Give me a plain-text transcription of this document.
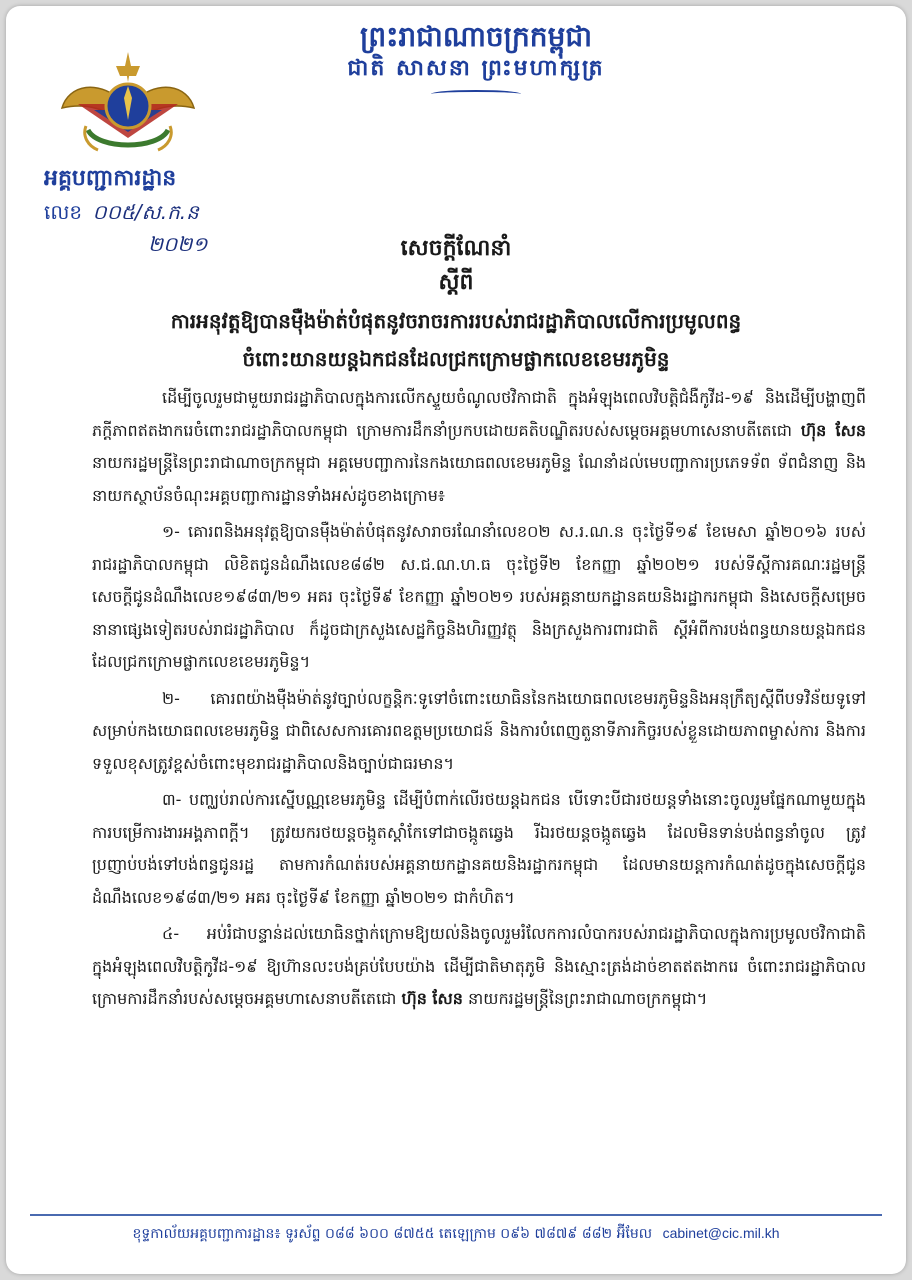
ព្រះរាជាណាចក្រកម្ពុជា
ជាតិ សាសនា ព្រះមហាក្សត្រ
អគ្គបញ្ជាការដ្ឋាន
លេខ ០០៥/ស.ក.ន
២០២១	សេចក្តីណែនាំ
ស្តីពី
ការអនុវត្តឱ្យបានម៉ឺងម៉ាត់បំផុតនូវចរាចរការរបស់រាជរដ្ឋាភិបាលលើការប្រមូលពន្ធ
ចំពោះយានយន្តឯកជនដែលជ្រកក្រោមផ្លាកលេខខេមរភូមិន្ទ

ដើម្បីចូលរួមជាមួយរាជរដ្ឋាភិបាលក្នុងការលើកស្ទួយចំណូលថវិកាជាតិ ក្នុងអំឡុងពេលវិបត្តិជំងឺកូវីដ-១៩ និងដើម្បីបង្ហាញពីភក្តីភាពឥតងាករេចំពោះរាជរដ្ឋាភិបាលកម្ពុជា ក្រោមការដឹកនាំប្រកបដោយគតិបណ្ឌិតរបស់សម្តេចអគ្គមហាសេនាបតីតេជោ ហ៊ុន សែន នាយករដ្ឋមន្ត្រីនៃព្រះរាជាណាចក្រកម្ពុជា អគ្គមេបញ្ជាការនៃកងយោធពលខេមរភូមិន្ទ ណែនាំដល់មេបញ្ជាការប្រភេទទ័ព ទ័ពជំនាញ និងនាយកស្ថាប័នចំណុះអគ្គបញ្ជាការដ្ឋានទាំងអស់ដូចខាងក្រោម៖

១- គោរពនិងអនុវត្តឱ្យបានម៉ឺងម៉ាត់បំផុតនូវសារាចរណែនាំលេខ០២ ស.រ.ណ.ន ចុះថ្ងៃទី១៩ ខែមេសា ឆ្នាំ២០១៦ របស់រាជរដ្ឋាភិបាលកម្ពុជា លិខិតជូនដំណឹងលេខ៨៨២ ស.ជ.ណ.ហ.ធ ចុះថ្ងៃទី២ ខែកញ្ញា ឆ្នាំ២០២១ របស់ទីស្តីការគណៈរដ្ឋមន្ត្រី សេចក្តីជូនដំណឹងលេខ១៩៨៣/២១ អគរ ចុះថ្ងៃទី៩ ខែកញ្ញា ឆ្នាំ២០២១ របស់អគ្គនាយកដ្ឋានគយនិងរដ្ឋាករកម្ពុជា និងសេចក្តីសម្រេចនានាផ្សេងទៀតរបស់រាជរដ្ឋាភិបាល ក៏ដូចជាក្រសួងសេដ្ឋកិច្ចនិងហិរញ្ញវត្ថុ និងក្រសួងការពារជាតិ ស្តីអំពីការបង់ពន្ធយានយន្តឯកជនដែលជ្រកក្រោមផ្លាកលេខខេមរភូមិន្ទ។

២- គោរពយ៉ាងម៉ឺងម៉ាត់នូវច្បាប់លក្ខន្តិកៈទូទៅចំពោះយោធិននៃកងយោធពលខេមរភូមិន្ទនិងអនុក្រឹត្យស្តីពីបទវិន័យទូទៅសម្រាប់កងយោធពលខេមរភូមិន្ទ ជាពិសេសការគោរពឧត្តមប្រយោជន៍ និងការបំពេញតួនាទីភារកិច្ចរបស់ខ្លួនដោយភាពម្ចាស់ការ និងការទទួលខុសត្រូវខ្ពស់ចំពោះមុខរាជរដ្ឋាភិបាលនិងច្បាប់ជាធរមាន។

៣- បញ្ឈប់រាល់ការស្នើបណ្ណខេមរភូមិន្ទ ដើម្បីបំពាក់លើរថយន្តឯកជន បើទោះបីជារថយន្តទាំងនោះចូលរួមផ្នែកណាមួយក្នុងការបម្រើការងារអង្គភាពក្តី។ ត្រូវយករថយន្តចង្កូតស្តាំកែទៅជាចង្កូតឆ្វេង រីឯរថយន្តចង្កូតឆ្វេង ដែលមិនទាន់បង់ពន្ធនាំចូល ត្រូវប្រញាប់បង់ទៅបង់ពន្ធជូនរដ្ឋ តាមការកំណត់របស់អគ្គនាយកដ្ឋានគយនិងរដ្ឋាករកម្ពុជា ដែលមានយន្តការកំណត់ដូចក្នុងសេចក្តីជូនដំណឹងលេខ១៩៨៣/២១ អគរ ចុះថ្ងៃទី៩ ខែកញ្ញា ឆ្នាំ២០២១ ជាកំហិត។

៤- អប់រំជាបន្ទាន់ដល់យោធិនថ្នាក់ក្រោមឱ្យយល់និងចូលរួមរំលែកការលំបាករបស់រាជរដ្ឋាភិបាលក្នុងការប្រមូលថវិកាជាតិ ក្នុងអំឡុងពេលវិបត្តិកូវីដ-១៩ ឱ្យហ៊ានលះបង់គ្រប់បែបយ៉ាង ដើម្បីជាតិមាតុភូមិ និងស្មោះត្រង់ដាច់ខាតឥតងាករេ ចំពោះរាជរដ្ឋាភិបាលក្រោមការដឹកនាំរបស់សម្តេចអគ្គមហាសេនាបតីតេជោ ហ៊ុន សែន នាយករដ្ឋមន្ត្រីនៃព្រះរាជាណាចក្រកម្ពុជា។

ខុទ្ទកាល័យអគ្គបញ្ជាការដ្ឋាន៖ ទូរស័ព្ទ ០៨៨ ៦០០ ៨៧៥៥ តេឡេក្រាម ០៩៦ ៧៨៧៩ ៨៨២ អ៊ីមែល cabinet@cic.mil.kh
